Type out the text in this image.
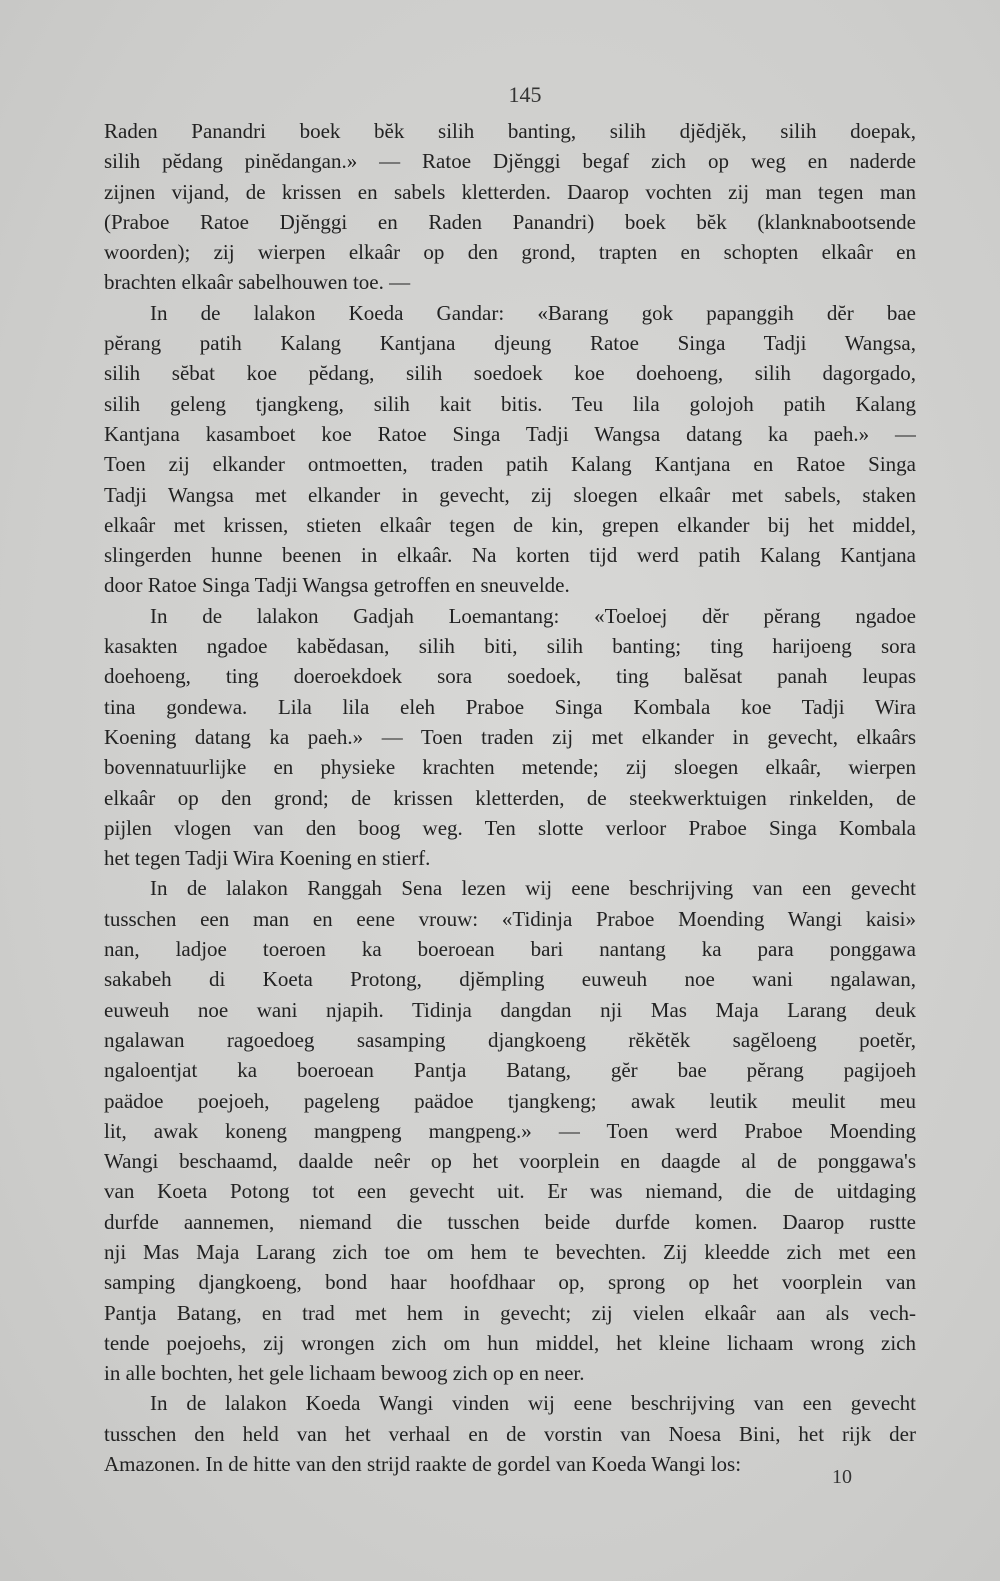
145
Raden Panandri boek bĕk silih banting, silih djĕdjĕk, silih doepak,
silih pĕdang pinĕdangan.» — Ratoe Djĕnggi begaf zich op weg en naderde
zijnen vijand, de krissen en sabels kletterden. Daarop vochten zij man tegen man
(Praboe Ratoe Djĕnggi en Raden Panandri) boek bĕk (klanknabootsende
woorden); zij wierpen elkaâr op den grond, trapten en schopten elkaâr en
brachten elkaâr sabelhouwen toe. —
In de lalakon Koeda Gandar: «Barang gok papanggih dĕr bae
pĕrang patih Kalang Kantjana djeung Ratoe Singa Tadji Wangsa,
silih sĕbat koe pĕdang, silih soedoek koe doehoeng, silih dagorgado,
silih geleng tjangkeng, silih kait bitis. Teu lila golojoh patih Kalang
Kantjana kasamboet koe Ratoe Singa Tadji Wangsa datang ka paeh.» —
Toen zij elkander ontmoetten, traden patih Kalang Kantjana en Ratoe Singa
Tadji Wangsa met elkander in gevecht, zij sloegen elkaâr met sabels, staken
elkaâr met krissen, stieten elkaâr tegen de kin, grepen elkander bij het middel,
slingerden hunne beenen in elkaâr. Na korten tijd werd patih Kalang Kantjana
door Ratoe Singa Tadji Wangsa getroffen en sneuvelde.
In de lalakon Gadjah Loemantang: «Toeloej dĕr pĕrang ngadoe
kasakten ngadoe kabĕdasan, silih biti, silih banting; ting harijoeng sora
doehoeng, ting doeroekdoek sora soedoek, ting balĕsat panah leupas
tina gondewa. Lila lila eleh Praboe Singa Kombala koe Tadji Wira
Koening datang ka paeh.» — Toen traden zij met elkander in gevecht, elkaârs
bovennatuurlijke en physieke krachten metende; zij sloegen elkaâr, wierpen
elkaâr op den grond; de krissen kletterden, de steekwerktuigen rinkelden, de
pijlen vlogen van den boog weg. Ten slotte verloor Praboe Singa Kombala
het tegen Tadji Wira Koening en stierf.
In de lalakon Ranggah Sena lezen wij eene beschrijving van een gevecht
tusschen een man en eene vrouw: «Tidinja Praboe Moending Wangi kaisi»
nan, ladjoe toeroen ka boeroean bari nantang ka para ponggawa
sakabeh di Koeta Protong, djĕmpling euweuh noe wani ngalawan,
euweuh noe wani njapih. Tidinja dangdan nji Mas Maja Larang deuk
ngalawan ragoedoeg sasamping djangkoeng rĕkĕtĕk sagĕloeng poetĕr,
ngaloentjat ka boeroean Pantja Batang, gĕr bae pĕrang pagijoeh
paädoe poejoeh, pageleng paädoe tjangkeng; awak leutik meulit meu
lit, awak koneng mangpeng mangpeng.» — Toen werd Praboe Moending
Wangi beschaamd, daalde neêr op het voorplein en daagde al de ponggawa's
van Koeta Potong tot een gevecht uit. Er was niemand, die de uitdaging
durfde aannemen, niemand die tusschen beide durfde komen. Daarop rustte
nji Mas Maja Larang zich toe om hem te bevechten. Zij kleedde zich met een
samping djangkoeng, bond haar hoofdhaar op, sprong op het voorplein van
Pantja Batang, en trad met hem in gevecht; zij vielen elkaâr aan als vech-
tende poejoehs, zij wrongen zich om hun middel, het kleine lichaam wrong zich
in alle bochten, het gele lichaam bewoog zich op en neer.
In de lalakon Koeda Wangi vinden wij eene beschrijving van een gevecht
tusschen den held van het verhaal en de vorstin van Noesa Bini, het rijk der
Amazonen. In de hitte van den strijd raakte de gordel van Koeda Wangi los:
10
